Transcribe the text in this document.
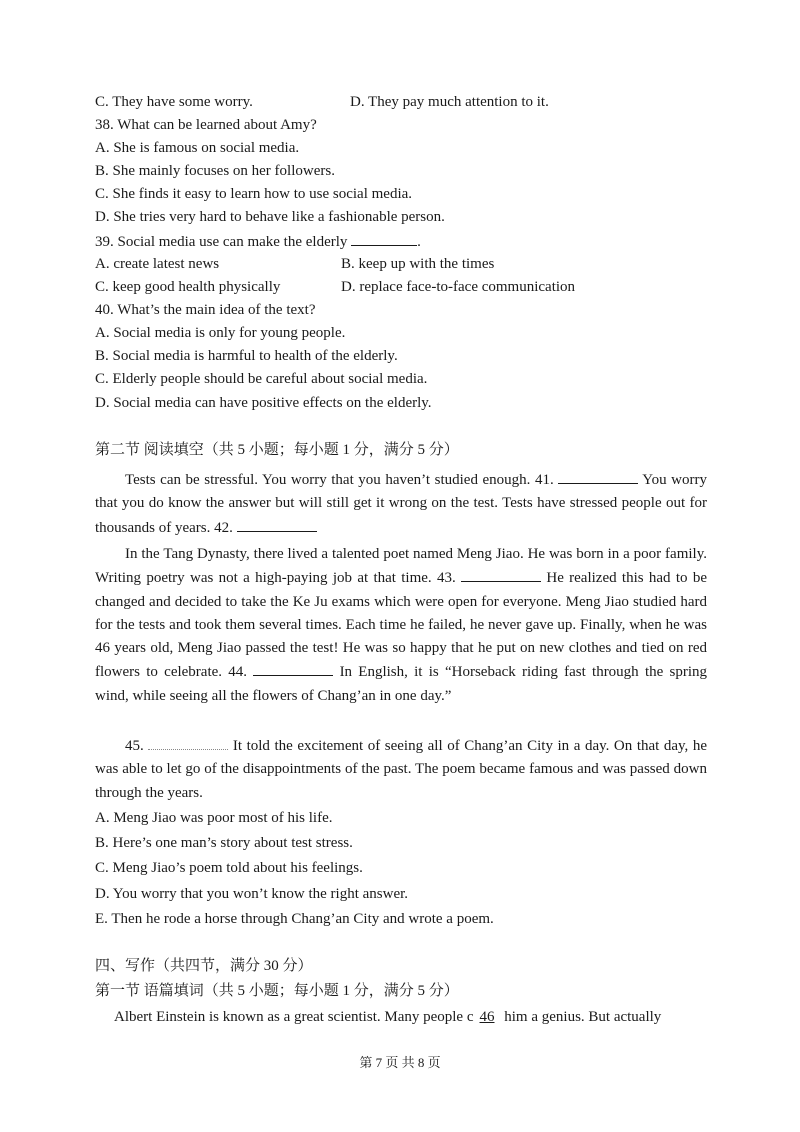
C. They have some worry.	D. They pay much attention to it.
38. What can be learned about Amy?
A. She is famous on social media.
B. She mainly focuses on her followers.
C. She finds it easy to learn how to use social media.
D. She tries very hard to behave like a fashionable person.
39. Social media use can make the elderly	.
A. create latest news	B. keep up with the times
C. keep good health physically	D. replace face-to-face communication
40. What’s the main idea of the text?
A. Social media is only for young people.
B. Social media is harmful to health of the elderly.
C. Elderly people should be careful about social media.
D. Social media can have positive effects on the elderly.
第二节 阅读填空（共 5 小题；每小题 1 分，满分 5 分）
Tests can be stressful. You worry that you haven’t studied enough. 41.	You worry that you do know the answer but will still get it wrong on the test. Tests have stressed people out for thousands of years. 42.
In the Tang Dynasty, there lived a talented poet named Meng Jiao. He was born in a poor family. Writing poetry was not a high-paying job at that time. 43.	He realized this had to be changed and decided to take the Ke Ju exams which were open for everyone. Meng Jiao studied hard for the tests and took them several times. Each time he failed, he never gave up. Finally, when he was 46 years old, Meng Jiao passed the test! He was so happy that he put on new clothes and tied on red flowers to celebrate. 44.	In English, it is “Horseback riding fast through the spring wind, while seeing all the flowers of Chang’an in one day.”
45.	It told the excitement of seeing all of Chang’an City in a day. On that day, he was able to let go of the disappointments of the past. The poem became famous and was passed down through the years.
A. Meng Jiao was poor most of his life.
B. Here’s one man’s story about test stress.
C. Meng Jiao’s poem told about his feelings.
D. You worry that you won’t know the right answer.
E. Then he rode a horse through Chang’an City and wrote a poem.
四、写作（共四节，满分 30 分）
第一节 语篇填词（共 5 小题；每小题 1 分，满分 5 分）
Albert Einstein is known as a great scientist. Many people c 46 him a genius. But actually
第 7 页 共 8 页
